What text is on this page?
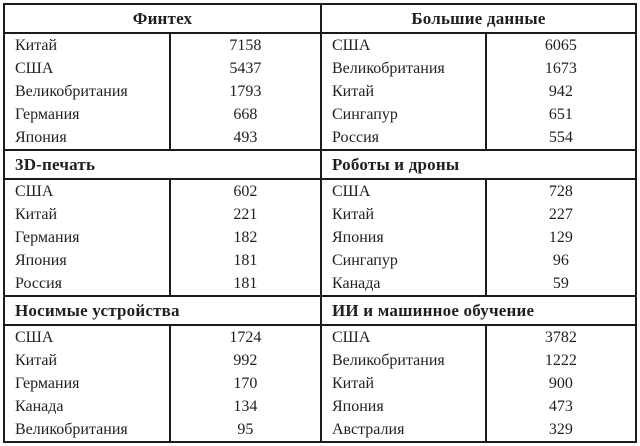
Финтех
Китай	7158
США	5437
Великобритания	1793
Германия	668
Япония	493
Большие данные
США	6065
Великобритания	1673
Китай	942
Сингапур	651
Россия	554
3D-печать
США	602
Китай	221
Германия	182
Япония	181
Россия	181
Роботы и дроны
США	728
Китай	227
Япония	129
Сингапур	96
Канада	59
Носимые устройства
США	1724
Китай	992
Германия	170
Канада	134
Великобритания	95
ИИ и машинное обучение
США	3782
Великобритания	1222
Китай	900
Япония	473
Австралия	329
